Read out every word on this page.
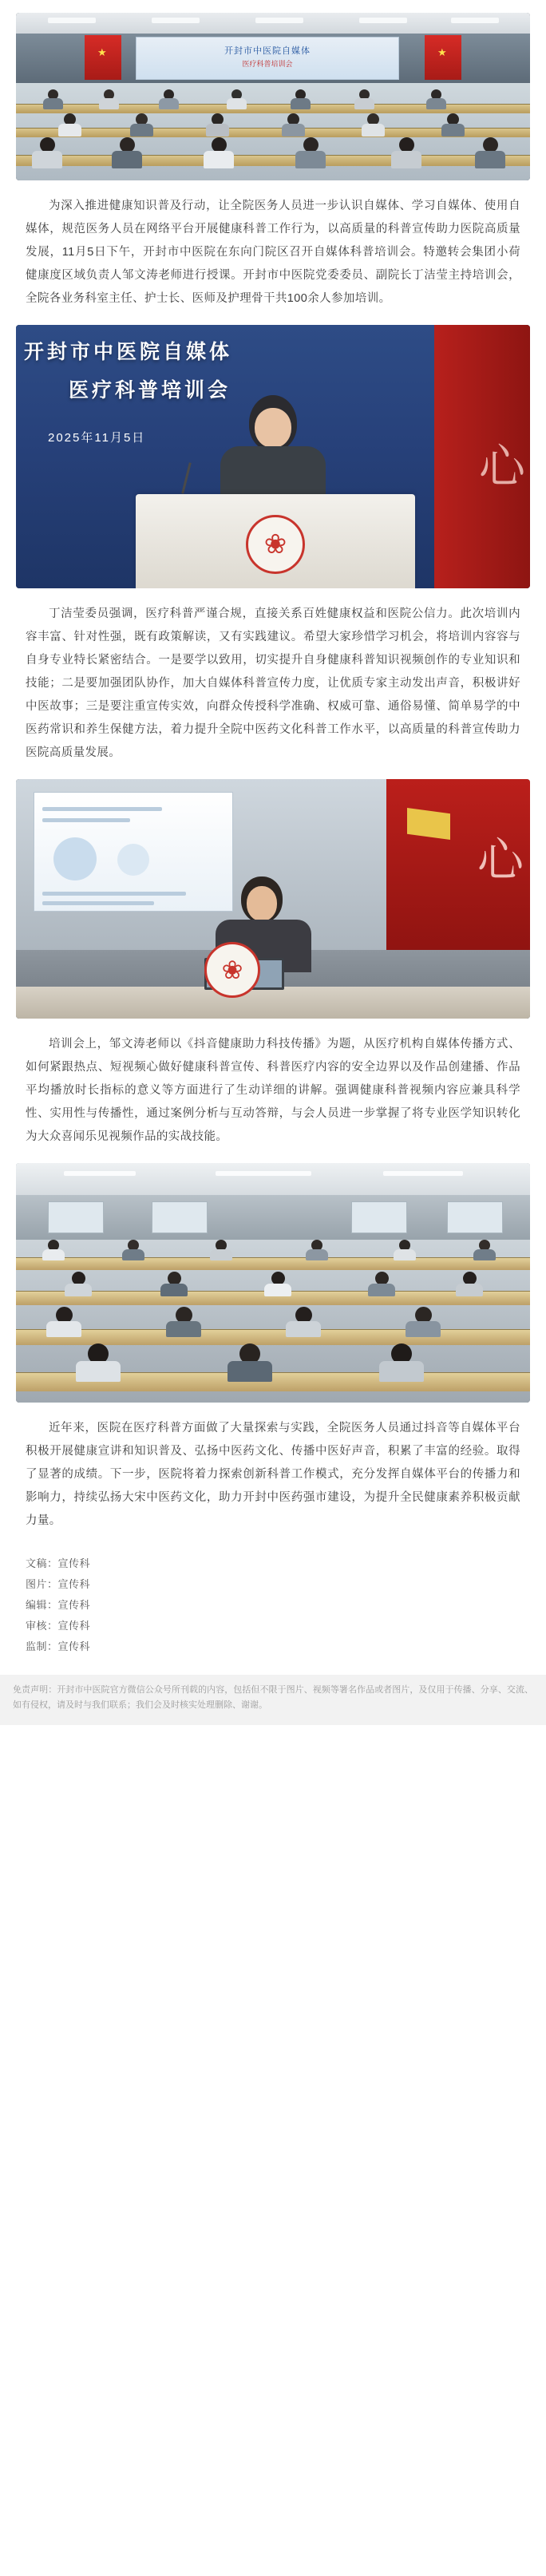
★	★
开封市中医院自媒体
医疗科普培训会

为深入推进健康知识普及行动，让全院医务人员进一步认识自媒体、学习自媒体、使用自媒体，规范医务人员在网络平台开展健康科普工作行为，以高质量的科普宣传助力医院高质量发展，11月5日下午，开封市中医院在东向门院区召开自媒体科普培训会。特邀转会集团小荷健康度区域负责人邹文涛老师进行授课。开封市中医院党委委员、副院长丁洁莹主持培训会，全院各业务科室主任、护士长、医师及护理骨干共100余人参加培训。

开封市中医院自媒体
医疗科普培训会
2025年11月5日
心
❀

丁洁莹委员强调，医疗科普严谨合规，直接关系百姓健康权益和医院公信力。此次培训内容丰富、针对性强，既有政策解读，又有实践建议。希望大家珍惜学习机会，将培训内容容与自身专业特长紧密结合。一是要学以致用，切实提升自身健康科普知识视频创作的专业知识和技能；二是要加强团队协作，加大自媒体科普宣传力度，让优质专家主动发出声音，积极讲好中医故事；三是要注重宣传实效，向群众传授科学准确、权威可靠、通俗易懂、简单易学的中医药常识和养生保健方法，着力提升全院中医药文化科普工作水平，以高质量的科普宣传助力医院高质量发展。

心
❀

培训会上，邹文涛老师以《抖音健康助力科技传播》为题，从医疗机构自媒体传播方式、如何紧跟热点、短视频心做好健康科普宣传、科普医疗内容的安全边界以及作品创建播、作品平均播放时长指标的意义等方面进行了生动详细的讲解。强调健康科普视频内容应兼具科学性、实用性与传播性，通过案例分析与互动答辩，与会人员进一步掌握了将专业医学知识转化为大众喜闻乐见视频作品的实战技能。

近年来，医院在医疗科普方面做了大量探索与实践，全院医务人员通过抖音等自媒体平台积极开展健康宣讲和知识普及、弘扬中医药文化、传播中医好声音，积累了丰富的经验。取得了显著的成绩。下一步，医院将着力探索创新科普工作模式，充分发挥自媒体平台的传播力和影响力，持续弘扬大宋中医药文化，助力开封中医药强市建设，为提升全民健康素养积极贡献力量。

文稿：宣传科
图片：宣传科
编辑：宣传科
审核：宣传科
监制：宣传科
免责声明：开封市中医院官方微信公众号所刊载的内容，包括但不限于图片、视频等署名作品或者图片，及仅用于传播、分享、交流、如有侵权，请及时与我们联系；我们会及时核实处理删除、谢谢。
